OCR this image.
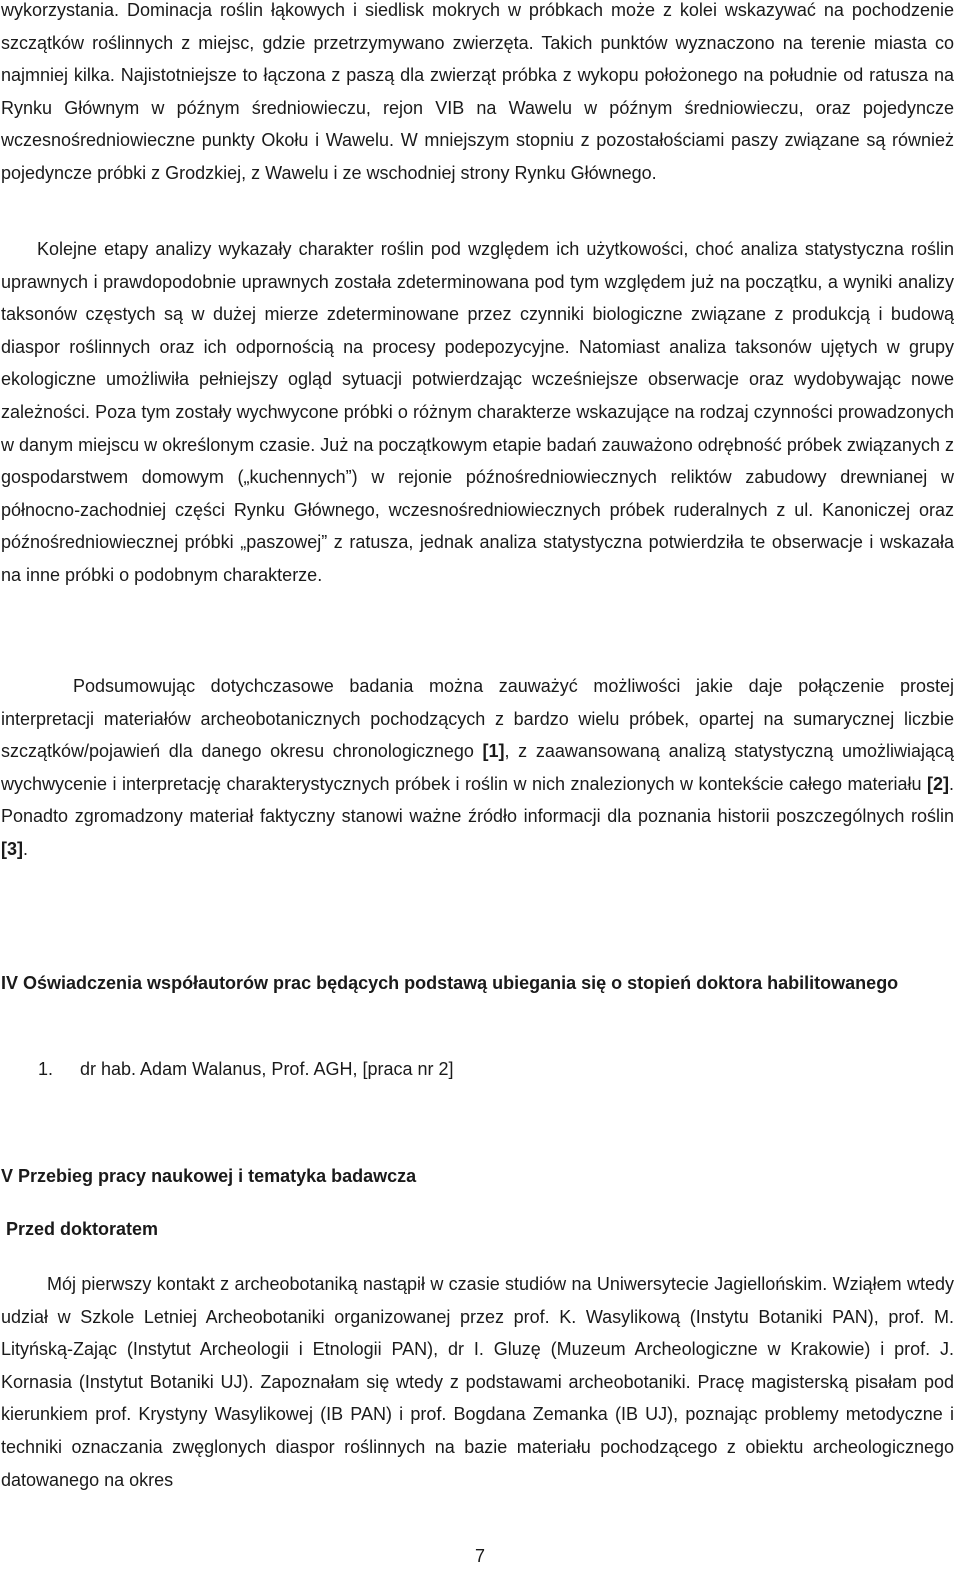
wykorzystania. Dominacja roślin łąkowych i siedlisk mokrych w próbkach może z kolei wskazywać na pochodzenie szczątków roślinnych z miejsc, gdzie przetrzymywano zwierzęta. Takich punktów wyznaczono na terenie miasta co najmniej kilka. Najistotniejsze to łączona z paszą dla zwierząt próbka z wykopu położonego na południe od ratusza na Rynku Głównym w późnym średniowieczu, rejon VIB na Wawelu w późnym średniowieczu, oraz pojedyncze wczesnośredniowieczne punkty Okołu i Wawelu. W mniejszym stopniu z pozostałościami paszy związane są również pojedyncze próbki z Grodzkiej, z Wawelu i ze wschodniej strony Rynku Głównego.

Kolejne etapy analizy wykazały charakter roślin pod względem ich użytkowości, choć analiza statystyczna roślin uprawnych i prawdopodobnie uprawnych została zdeterminowana pod tym względem już na początku, a wyniki analizy taksonów częstych są w dużej mierze zdeterminowane przez czynniki biologiczne związane z produkcją i budową diaspor roślinnych oraz ich odpornością na procesy podepozycyjne. Natomiast analiza taksonów ujętych w grupy ekologiczne umożliwiła pełniejszy ogląd sytuacji potwierdzając wcześniejsze obserwacje oraz wydobywając nowe zależności. Poza tym zostały wychwycone próbki o różnym charakterze wskazujące na rodzaj czynności prowadzonych w danym miejscu w określonym czasie. Już na początkowym etapie badań zauważono odrębność próbek związanych z gospodarstwem domowym („kuchennych”) w rejonie późnośredniowiecznych reliktów zabudowy drewnianej w północno-zachodniej części Rynku Głównego, wczesnośredniowiecznych próbek ruderalnych z ul. Kanoniczej oraz późnośredniowiecznej próbki „paszowej” z ratusza, jednak analiza statystyczna potwierdziła te obserwacje i wskazała na inne próbki o podobnym charakterze.

Podsumowując dotychczasowe badania można zauważyć możliwości jakie daje połączenie prostej interpretacji materiałów archeobotanicznych pochodzących z bardzo wielu próbek, opartej na sumarycznej liczbie szczątków/pojawień dla danego okresu chronologicznego [1], z zaawansowaną analizą statystyczną umożliwiającą wychwycenie i interpretację charakterystycznych próbek i roślin w nich znalezionych w kontekście całego materiału [2]. Ponadto zgromadzony materiał faktyczny stanowi ważne źródło informacji dla poznania historii poszczególnych roślin [3].

IV Oświadczenia współautorów prac będących podstawą ubiegania się o stopień doktora habilitowanego

1. dr hab. Adam Walanus, Prof. AGH, [praca nr 2]

V Przebieg pracy naukowej i tematyka badawcza

Przed doktoratem

Mój pierwszy kontakt z archeobotaniką nastąpił w czasie studiów na Uniwersytecie Jagiellońskim. Wziąłem wtedy udział w Szkole Letniej Archeobotaniki organizowanej przez prof. K. Wasylikową (Instytu Botaniki PAN), prof. M. Lityńską-Zając (Instytut Archeologii i Etnologii PAN), dr I. Gluzę (Muzeum Archeologiczne w Krakowie) i prof. J. Kornasia (Instytut Botaniki UJ). Zapoznałam się wtedy z podstawami archeobotaniki. Pracę magisterską pisałam pod kierunkiem prof. Krystyny Wasylikowej (IB PAN) i prof. Bogdana Zemanka (IB UJ), poznając problemy metodyczne i techniki oznaczania zwęglonych diaspor roślinnych na bazie materiału pochodzącego z obiektu archeologicznego datowanego na okres

7
